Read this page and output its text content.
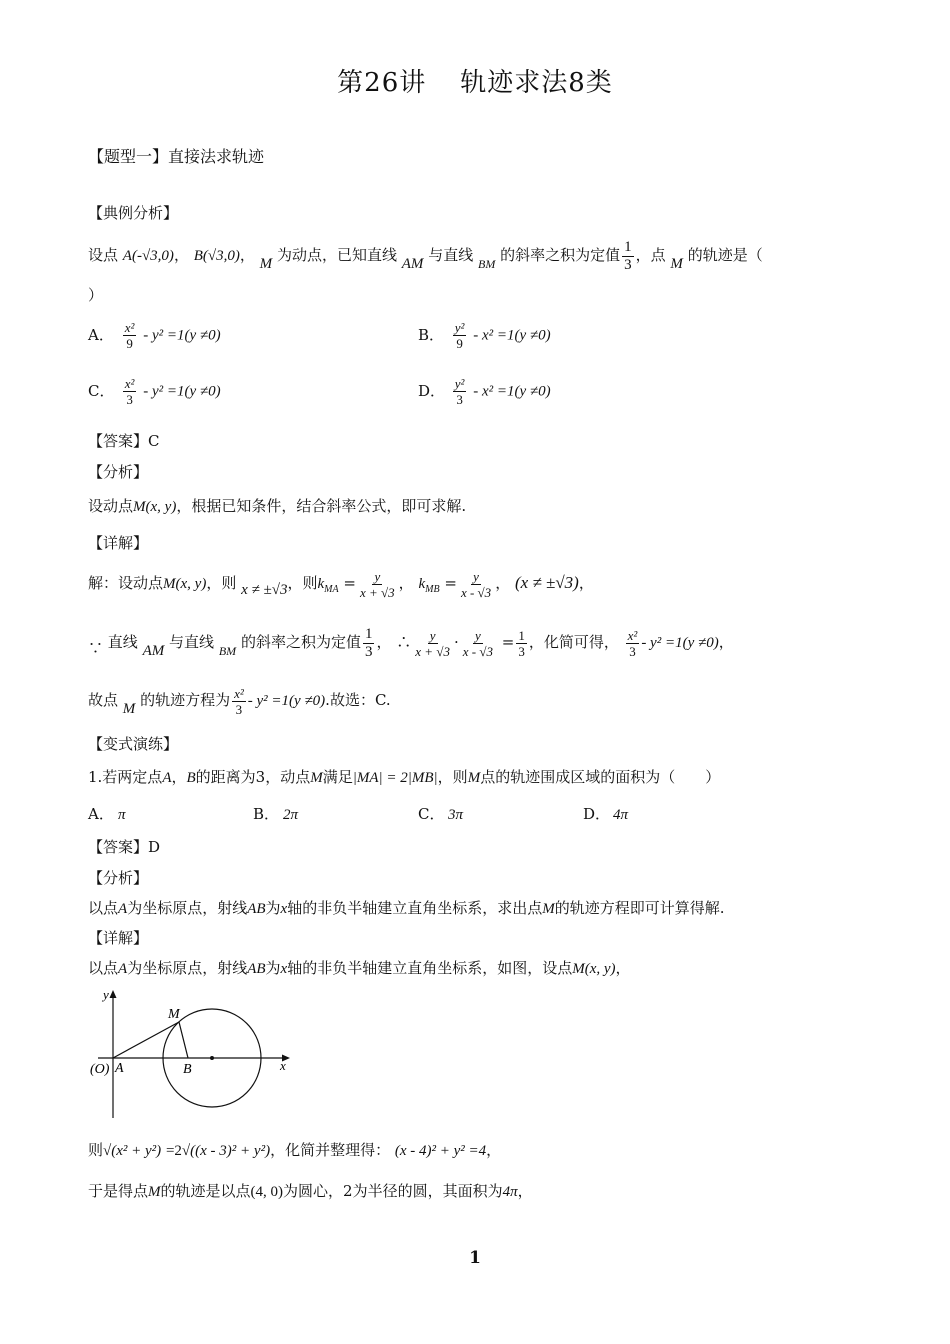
第26讲 轨迹求法8类
【题型一】直接法求轨迹
【典例分析】
设点 A(-√3,0)， B(√3,0)， M 为动点，已知直线 AM 与直线 $_{BM}$ 的斜率之积为定值 $\frac{1}{3}$ ，点 M 的轨迹是（
）
A． $\frac{\text{x²}}{9} - y^2 =1(y \ne 0)$	B． $\frac{\text{y²}}{9} - x^2 =1(y \ne 0)$
C． $\frac{\text{x²}}{3} - y^2 =1(y \ne 0)$	D． $\frac{\text{y²}}{3} - x^2 =1(y \ne 0)$
【答案】C
【分析】
设动点M(x, y)，根据已知条件，结合斜率公式，即可求解.
【详解】
解：设动点M(x, y)，则 x ≠ ±√3，则$k_{MA} = \frac{y}{x + √3}$ ， $k_{MB} = \frac{y}{x - √3}$ ， (x ≠ ±√3)，
∵ 直线 AM 与直线 $_{BM}$ 的斜率之积为定值 $\frac{1}{3}$ ， ∴ $\frac{y}{x + √3} \cdot \frac{y}{x - √3} = \frac{1}{3}$ ，化简可得， $\frac{\text{x²}}{3} - y^2 =1(y \ne 0)$，
故点 M 的轨迹方程为 $\frac{\text{x²}}{3} - y^2 =1(y \ne 0)$.故选：C.
【变式演练】
1.若两定点A，B的距离为3，动点M满足|MA| = 2|MB|，则M点的轨迹围成区域的面积为（　　）
A． π	B． 2π	C． 3π	D． 4π
【答案】D
【分析】
以点A为坐标原点，射线AB为x轴的非负半轴建立直角坐标系，求出点M的轨迹方程即可计算得解.
【详解】
以点A为坐标原点，射线AB为x轴的非负半轴建立直角坐标系，如图，设点M(x, y)，
y
x
(O) A	B
M
则√(x² + y²) =2√((x - 3)² + y²)，化简并整理得： (x - 4)² + y² =4，
于是得点M的轨迹是以点(4, 0)为圆心，2为半径的圆，其面积为4π，
1
